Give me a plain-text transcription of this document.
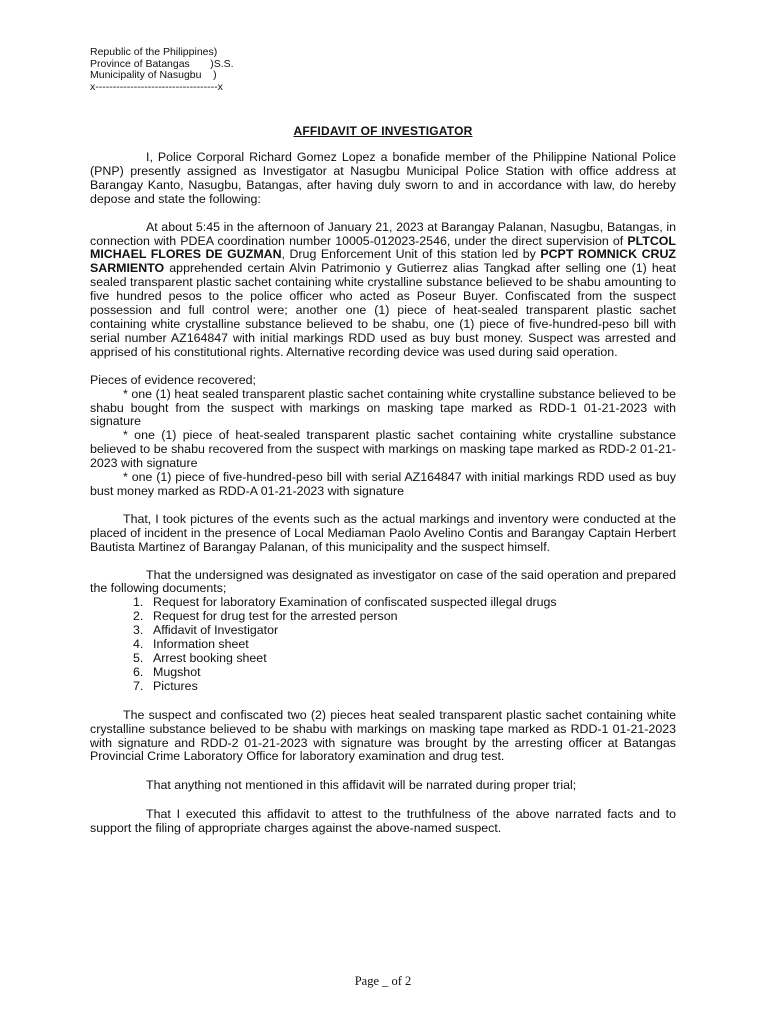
Republic of the Philippines)
Province of Batangas       )S.S.
Municipality of Nasugbu    )
x-----------------------------------x
AFFIDAVIT OF INVESTIGATOR

I, Police Corporal Richard Gomez Lopez a bonafide member of the Philippine National Police (PNP) presently assigned as Investigator at Nasugbu Municipal Police Station with office address at Barangay Kanto, Nasugbu, Batangas, after having duly sworn to and in accordance with law, do hereby depose and state the following:

At about 5:45 in the afternoon of January 21, 2023 at Barangay Palanan, Nasugbu, Batangas, in connection with PDEA coordination number 10005-012023-2546, under the direct supervision of PLTCOL MICHAEL FLORES DE GUZMAN, Drug Enforcement Unit of this station led by PCPT ROMNICK CRUZ SARMIENTO apprehended certain Alvin Patrimonio y Gutierrez alias Tangkad after selling one (1) heat sealed transparent plastic sachet containing white crystalline substance believed to be shabu amounting to five hundred pesos to the police officer who acted as Poseur Buyer. Confiscated from the suspect possession and full control were; another one (1) piece of heat-sealed transparent plastic sachet containing white crystalline substance believed to be shabu, one (1) piece of five-hundred-peso bill with serial number AZ164847 with initial markings RDD used as buy bust money. Suspect was arrested and apprised of his constitutional rights. Alternative recording device was used during said operation.

Pieces of evidence recovered;

* one (1) heat sealed transparent plastic sachet containing white crystalline substance believed to be shabu bought from the suspect with markings on masking tape marked as RDD-1 01-21-2023 with signature

* one (1) piece of heat-sealed transparent plastic sachet containing white crystalline substance believed to be shabu recovered from the suspect with markings on masking tape marked as RDD-2 01-21-2023 with signature

* one (1) piece of five-hundred-peso bill with serial AZ164847 with initial markings RDD used as buy bust money marked as RDD-A 01-21-2023 with signature

That, I took pictures of the events such as the actual markings and inventory were conducted at the placed of incident in the presence of Local Mediaman Paolo Avelino Contis and Barangay Captain Herbert Bautista Martinez of Barangay Palanan, of this municipality and the suspect himself.

That the undersigned was designated as investigator on case of the said operation and prepared the following documents;

1. Request for laboratory Examination of confiscated suspected illegal drugs
2. Request for drug test for the arrested person
3. Affidavit of Investigator
4. Information sheet
5. Arrest booking sheet
6. Mugshot
7. Pictures

The suspect and confiscated two (2) pieces heat sealed transparent plastic sachet containing white crystalline substance believed to be shabu with markings on masking tape marked as RDD-1 01-21-2023 with signature and RDD-2 01-21-2023 with signature was brought by the arresting officer at Batangas Provincial Crime Laboratory Office for laboratory examination and drug test.

That anything not mentioned in this affidavit will be narrated during proper trial;

That I executed this affidavit to attest to the truthfulness of the above narrated facts and to support the filing of appropriate charges against the above-named suspect.

Page _ of 2
